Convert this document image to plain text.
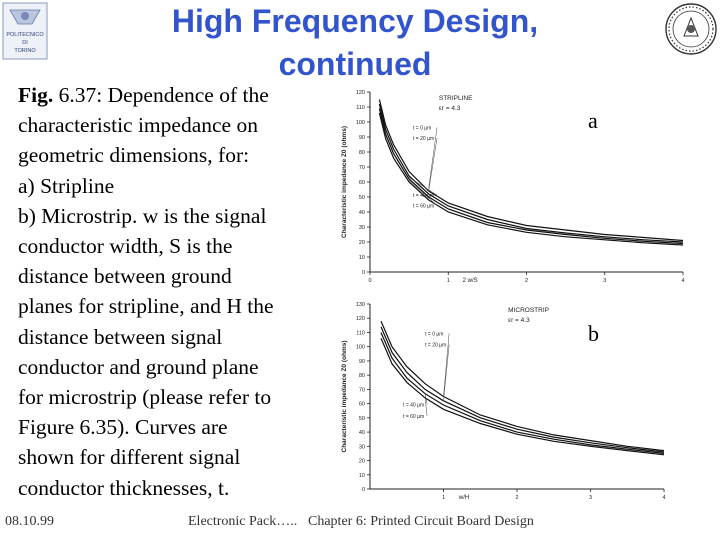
POLITECNICO
DI
TORINO
High Frequency Design,
continued
Fig. 6.37: Dependence of the characteristic impedance on geometric dimensions, for:
a) Stripline
b) Microstrip. w is the signal
conductor width, S is the
distance between ground
planes for stripline, and H the
distance between signal
conductor and ground plane
for microstrip (please refer to
Figure 6.35). Curves are
shown for different signal
conductor thicknesses, t.
0
10
20
30
40
50
60
70
80
90
100
110
120
0	1	2	3	4
2 w/S
Characteristic impedance Z0 (ohms)
STRIPLINE
εr = 4.3
t = 0 µm
t = 20 µm
t = 40 µm
t = 60 µm
0
10
20
30
40
50
60
70
80
90
100
110
120
130
1	2	3	4
w/H
Characteristic impedance Z0 (ohms)
MICROSTRIP
εr = 4.3
t = 0 µm
t = 20 µm
t = 40 µm
t = 60 µm
a
b
08.10.99	Electronic Pack….. Chapter 6: Printed Circuit Board Design
